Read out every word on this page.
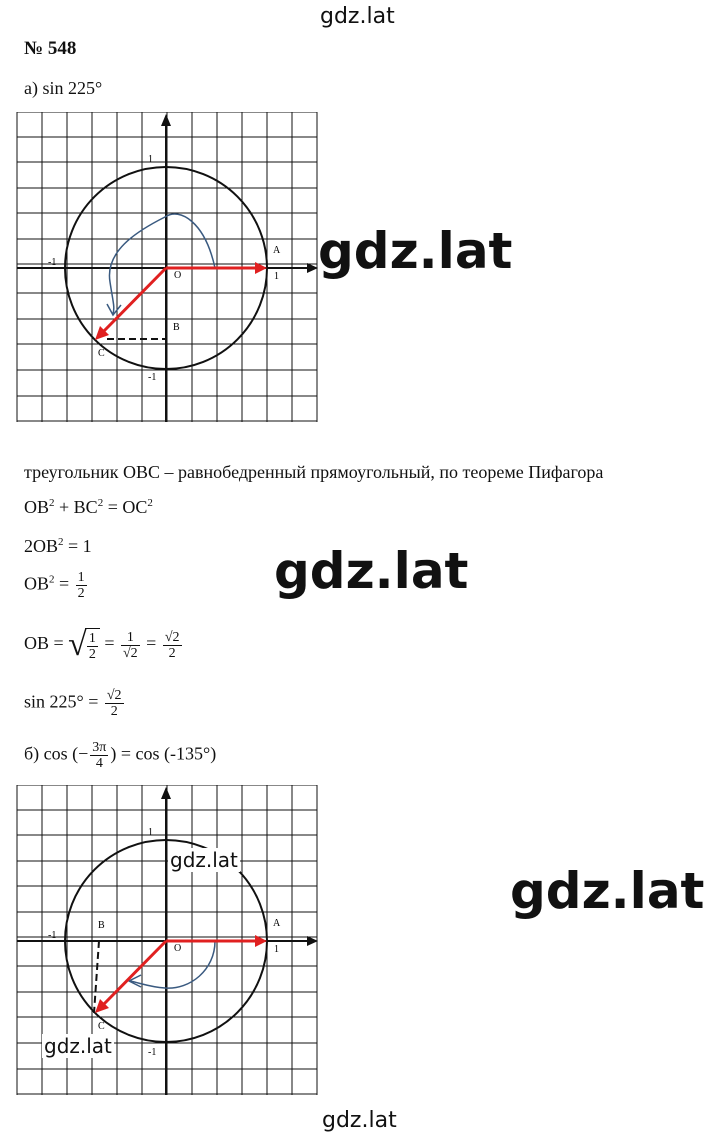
gdz.lat
№ 548
а) sin 225°
1
-1
A
1
O
B
C
-1
gdz.lat
треугольник OBC – равнобедренный прямоугольный, по теореме Пифагора
$OB^2 + BC^2 = OC^2$
$2OB^2 = 1$
$OB^2 = \frac{1}{2}$	gdz.lat
OB = √ $\frac{1}{2} = \frac{1}{√2} = \frac{√2}{2}$
$\sin 225^\circ = \frac{√2}{2}$
б) cos (− $\frac{3\pi}{4}$ ) = cos (-135°)
1
-1
B	A
1
O
C
-1
gdz.lat
gdz.lat
gdz.lat
gdz.lat
